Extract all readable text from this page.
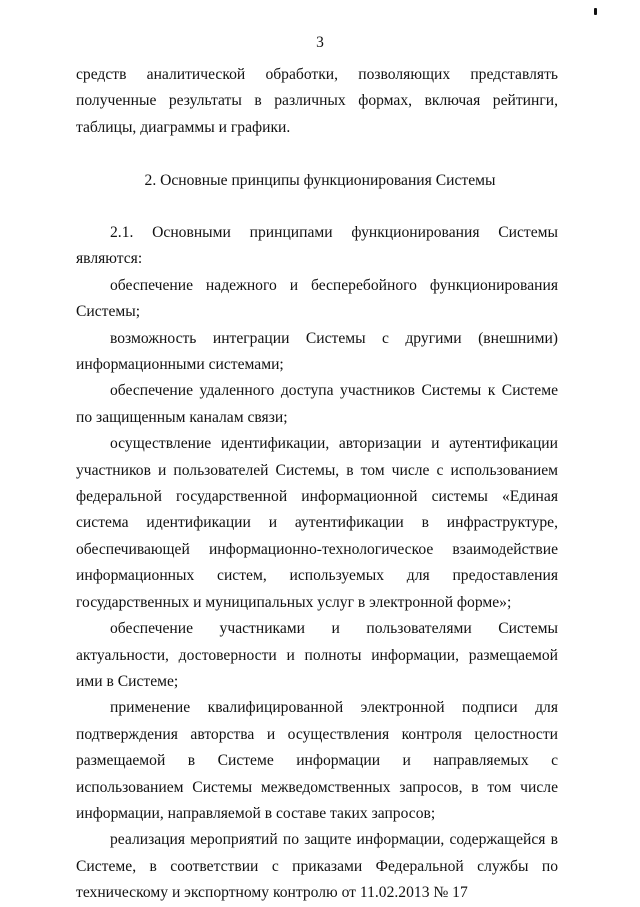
3

средств аналитической обработки, позволяющих представлять полученные результаты в различных формах, включая рейтинги, таблицы, диаграммы и графики.

2. Основные принципы функционирования Системы

2.1. Основными принципами функционирования Системы являются:

обеспечение надежного и бесперебойного функционирования Системы;

возможность интеграции Системы с другими (внешними) информационными системами;

обеспечение удаленного доступа участников Системы к Системе по защищенным каналам связи;

осуществление идентификации, авторизации и аутентификации участников и пользователей Системы, в том числе с использованием федеральной государственной информационной системы «Единая система идентификации и аутентификации в инфраструктуре, обеспечивающей информационно-технологическое взаимодействие информационных систем, используемых для предоставления государственных и муниципальных услуг в электронной форме»;

обеспечение участниками и пользователями Системы актуальности, достоверности и полноты информации, размещаемой ими в Системе;

применение квалифицированной электронной подписи для подтверждения авторства и осуществления контроля целостности размещаемой в Системе информации и направляемых с использованием Системы межведомственных запросов, в том числе информации, направляемой в составе таких запросов;

реализация мероприятий по защите информации, содержащейся в Системе, в соответствии с приказами Федеральной службы по техническому и экспортному контролю от 11.02.2013 № 17
